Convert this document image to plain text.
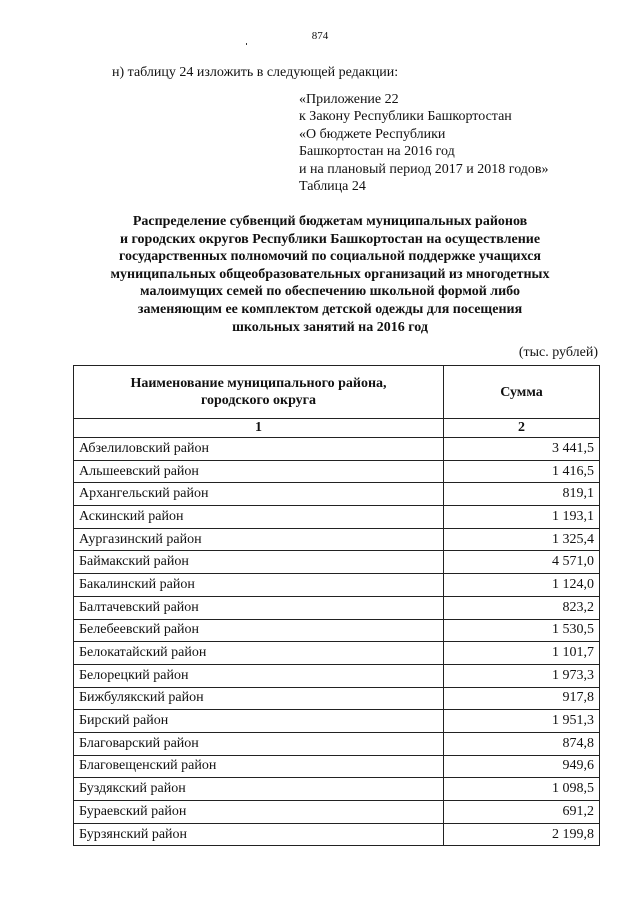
874
н) таблицу 24 изложить в следующей редакции:
«Приложение 22
к Закону Республики Башкортостан
«О бюджете Республики
Башкортостан на 2016 год
и на плановый период 2017 и 2018 годов»
Таблица 24
Распределение субвенций бюджетам муниципальных районов
и городских округов Республики Башкортостан на осуществление
государственных полномочий по социальной поддержке учащихся
муниципальных общеобразовательных организаций из многодетных
малоимущих семей по обеспечению школьной формой либо
заменяющим ее комплектом детской одежды для посещения
школьных занятий на 2016 год
(тыс. рублей)
Наименование муниципального района,
городского округа	Сумма
1	2
Абзелиловский район	3 441,5
Альшеевский район	1 416,5
Архангельский район	819,1
Аскинский район	1 193,1
Аургазинский район	1 325,4
Баймакский район	4 571,0
Бакалинский район	1 124,0
Балтачевский район	823,2
Белебеевский район	1 530,5
Белокатайский район	1 101,7
Белорецкий район	1 973,3
Бижбулякский район	917,8
Бирский район	1 951,3
Благоварский район	874,8
Благовещенский район	949,6
Буздякский район	1 098,5
Бураевский район	691,2
Бурзянский район	2 199,8
